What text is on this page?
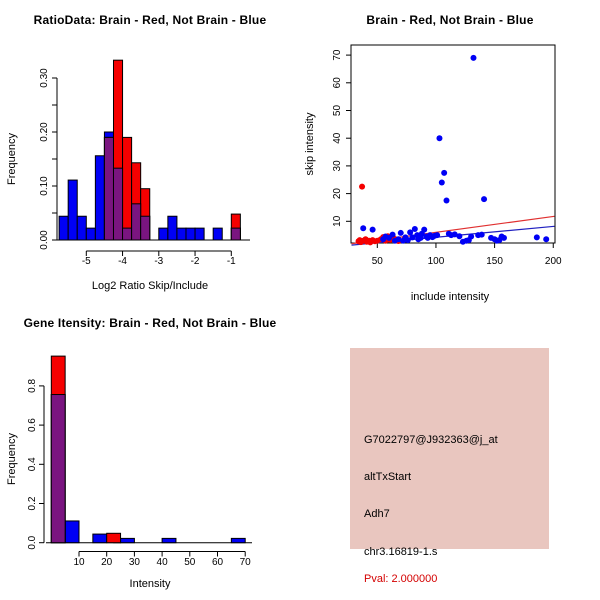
0.00
0.10
0.20
0.30
-5	-4	-3	-2	-1
10
20
30
40
50
60
70
50	100	150	200
0.0
0.2
0.4
0.6
0.8
10 20 30 40 50 60 70
RatioData: Brain - Red, Not Brain - Blue
Log2 Ratio Skip/Include
Frequency
Brain - Red, Not Brain - Blue
include intensity
skip intensity
Gene Itensity: Brain - Red, Not Brain - Blue
Intensity
Frequency	G7022797@J932363@j_at
altTxStart
Adh7
chr3.16819-1.s
Pval: 2.000000
